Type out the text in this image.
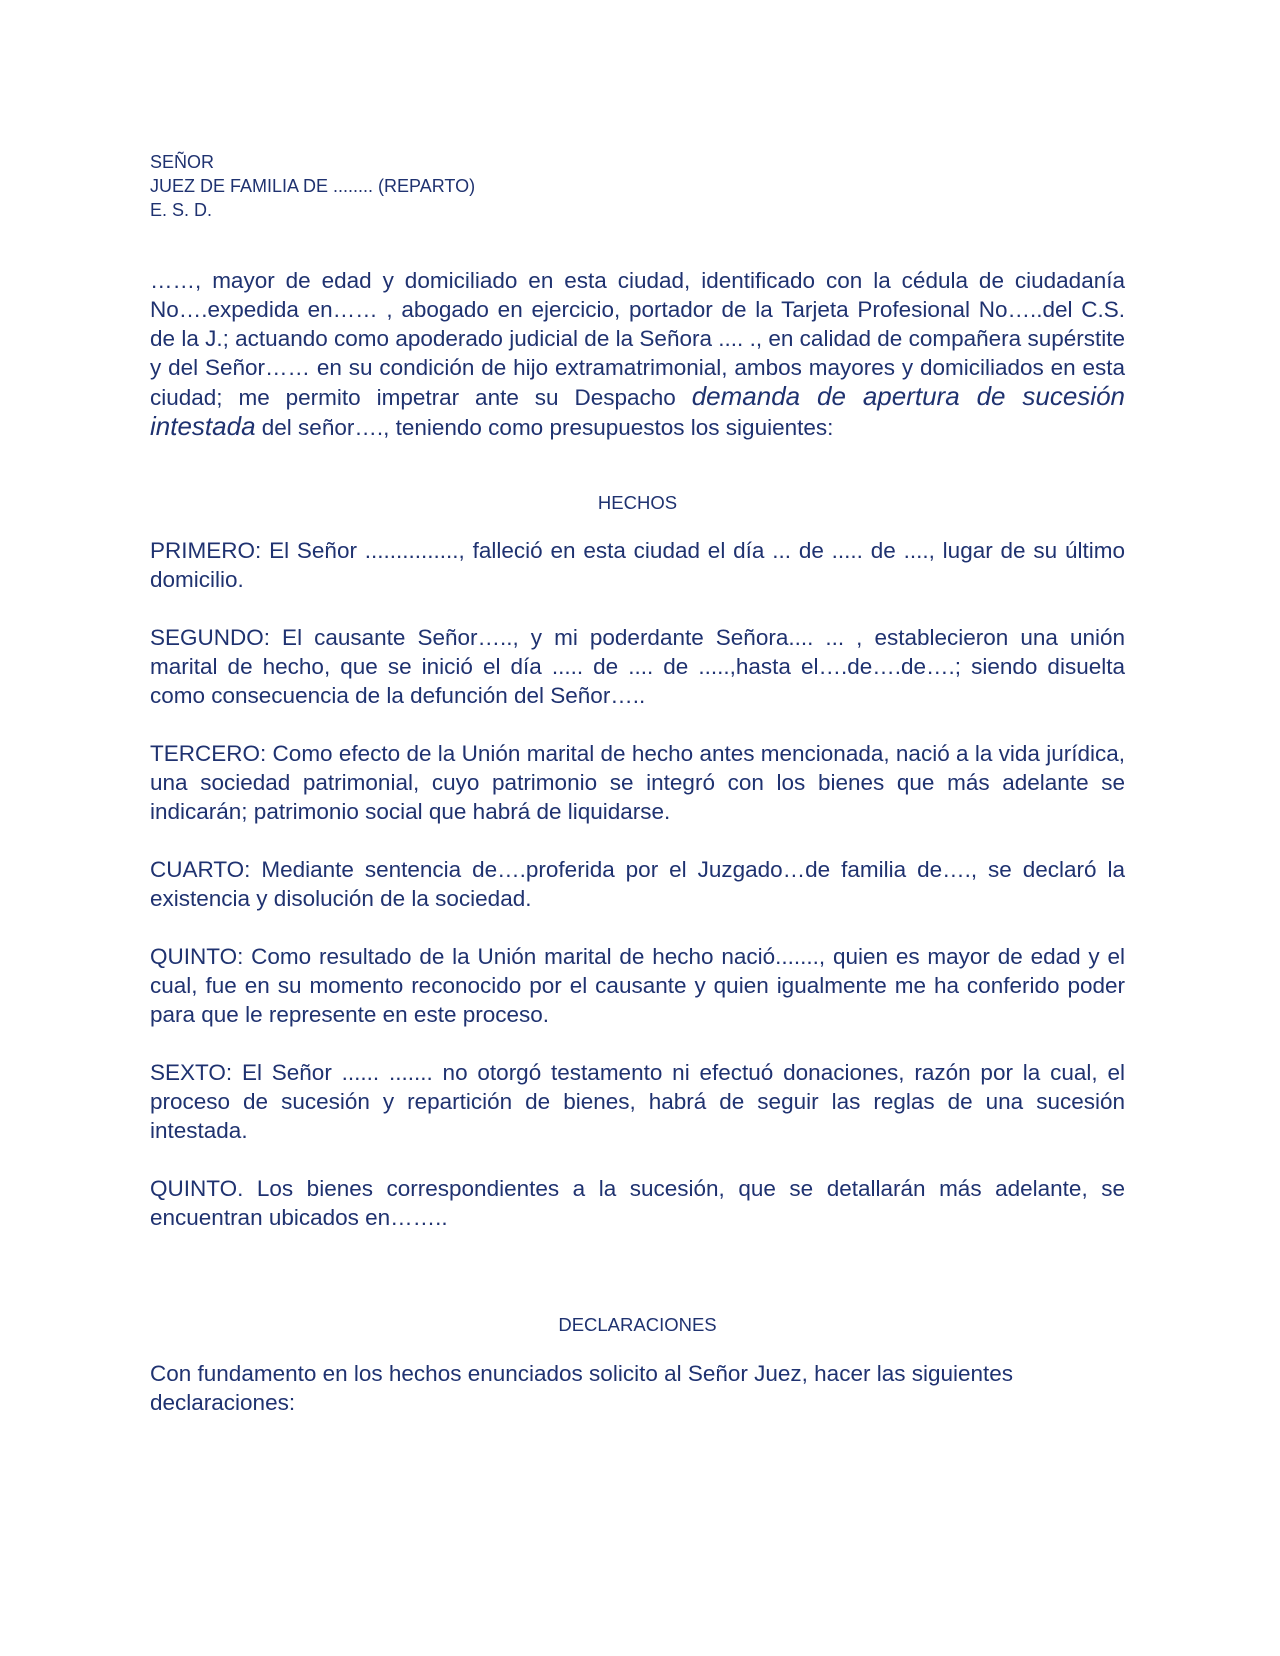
SEÑOR

JUEZ DE FAMILIA DE ........ (REPARTO)

E. S. D.

……, mayor de edad y domiciliado en esta ciudad, identificado con la cédula de ciudadanía No….expedida en…… , abogado en ejercicio, portador de la Tarjeta Profesional No…..del C.S. de la J.; actuando como apoderado judicial de la Señora .... ., en calidad de compañera supérstite y del Señor…… en su condición de hijo extramatrimonial, ambos mayores y domiciliados en esta ciudad; me permito impetrar ante su Despacho demanda de apertura de sucesión intestada del señor…., teniendo como presupuestos los siguientes:

HECHOS

PRIMERO: El Señor ..............., falleció en esta ciudad el día ... de ..... de ...., lugar de su último domicilio.

SEGUNDO: El causante Señor….., y mi poderdante Señora.... ... , establecieron una unión marital de hecho, que se inició el día ..... de .... de .....,hasta el….de….de….; siendo disuelta como consecuencia de la defunción del Señor…..

TERCERO: Como efecto de la Unión marital de hecho antes mencionada, nació a la vida jurídica, una sociedad patrimonial, cuyo patrimonio se integró con los bienes que más adelante se indicarán; patrimonio social que habrá de liquidarse.

CUARTO: Mediante sentencia de….proferida por el Juzgado…de familia de…., se declaró la existencia y disolución de la sociedad.

QUINTO: Como resultado de la Unión marital de hecho nació......., quien es mayor de edad y el cual, fue en su momento reconocido por el causante y quien igualmente me ha conferido poder para que le represente en este proceso.

SEXTO: El Señor ...... ....... no otorgó testamento ni efectuó donaciones, razón por la cual, el proceso de sucesión y repartición de bienes, habrá de seguir las reglas de una sucesión intestada.

QUINTO. Los bienes correspondientes a la sucesión, que se detallarán más adelante, se encuentran ubicados en……..

DECLARACIONES

Con fundamento en los hechos enunciados solicito al Señor Juez, hacer las siguientes declaraciones:
